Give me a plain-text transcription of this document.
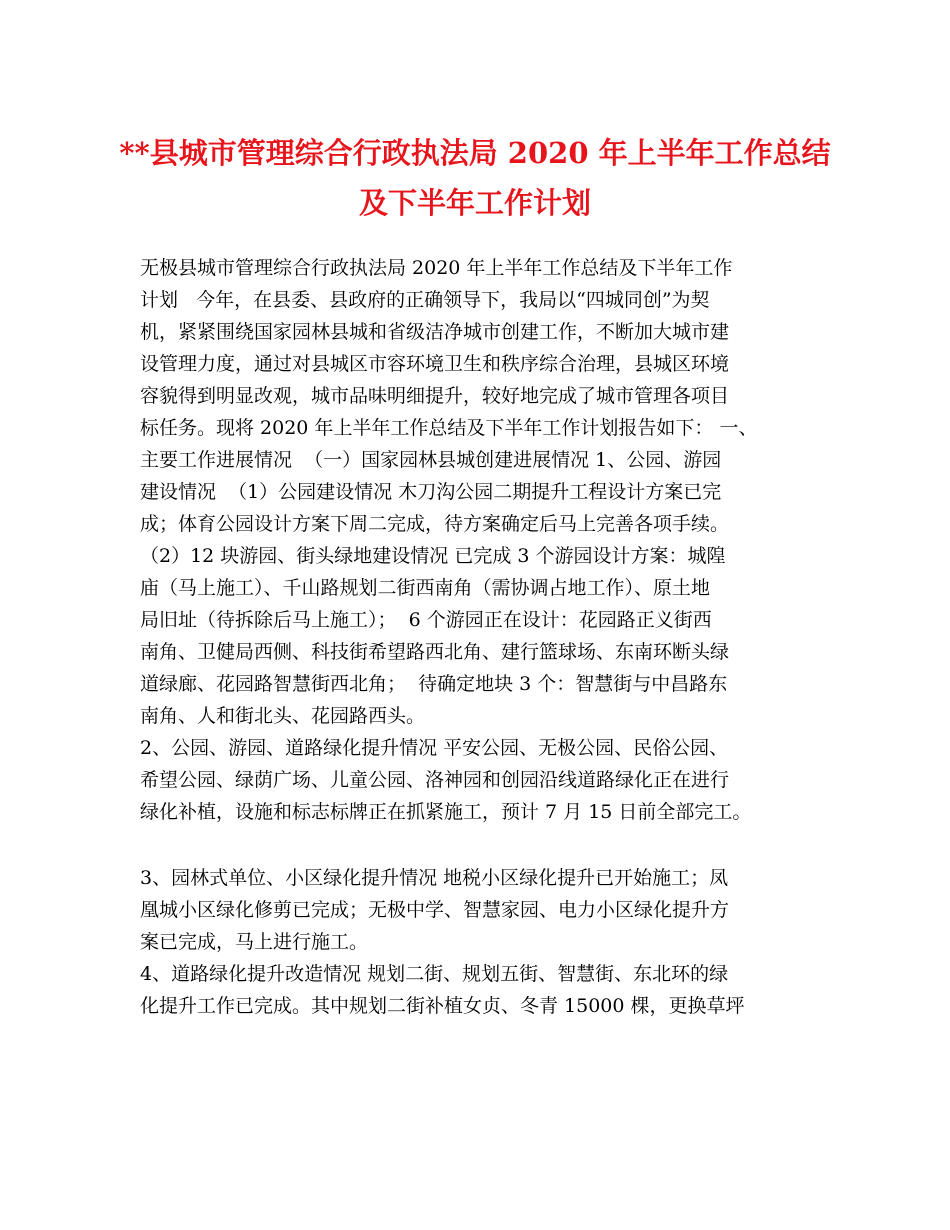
**县城市管理综合行政执法局 2020 年上半年工作总结
及下半年工作计划
无极县城市管理综合行政执法局 2020 年上半年工作总结及下半年工作
计划   今年，在县委、县政府的正确领导下，我局以“四城同创”为契
机，紧紧围绕国家园林县城和省级洁净城市创建工作，不断加大城市建
设管理力度，通过对县城区市容环境卫生和秩序综合治理，县城区环境
容貌得到明显改观，城市品味明细提升，较好地完成了城市管理各项目
标任务。现将 2020 年上半年工作总结及下半年工作计划报告如下： 一、
主要工作进展情况  （一）国家园林县城创建进展情况 1、公园、游园
建设情况  （1）公园建设情况 木刀沟公园二期提升工程设计方案已完
成；体育公园设计方案下周二完成，待方案确定后马上完善各项手续。
（2）12 块游园、街头绿地建设情况 已完成 3 个游园设计方案：城隍
庙（马上施工）、千山路规划二街西南角（需协调占地工作）、原土地
局旧址（待拆除后马上施工）；  6 个游园正在设计：花园路正义街西
南角、卫健局西侧、科技街希望路西北角、建行篮球场、东南环断头绿
道绿廊、花园路智慧街西北角；  待确定地块 3 个：智慧街与中昌路东
南角、人和街北头、花园路西头。
2、公园、游园、道路绿化提升情况 平安公园、无极公园、民俗公园、
希望公园、绿荫广场、儿童公园、洛神园和创园沿线道路绿化正在进行
绿化补植，设施和标志标牌正在抓紧施工，预计 7 月 15 日前全部完工。
3、园林式单位、小区绿化提升情况 地税小区绿化提升已开始施工；凤
凰城小区绿化修剪已完成；无极中学、智慧家园、电力小区绿化提升方
案已完成，马上进行施工。
4、道路绿化提升改造情况 规划二街、规划五街、智慧街、东北环的绿
化提升工作已完成。其中规划二街补植女贞、冬青 15000 棵，更换草坪
